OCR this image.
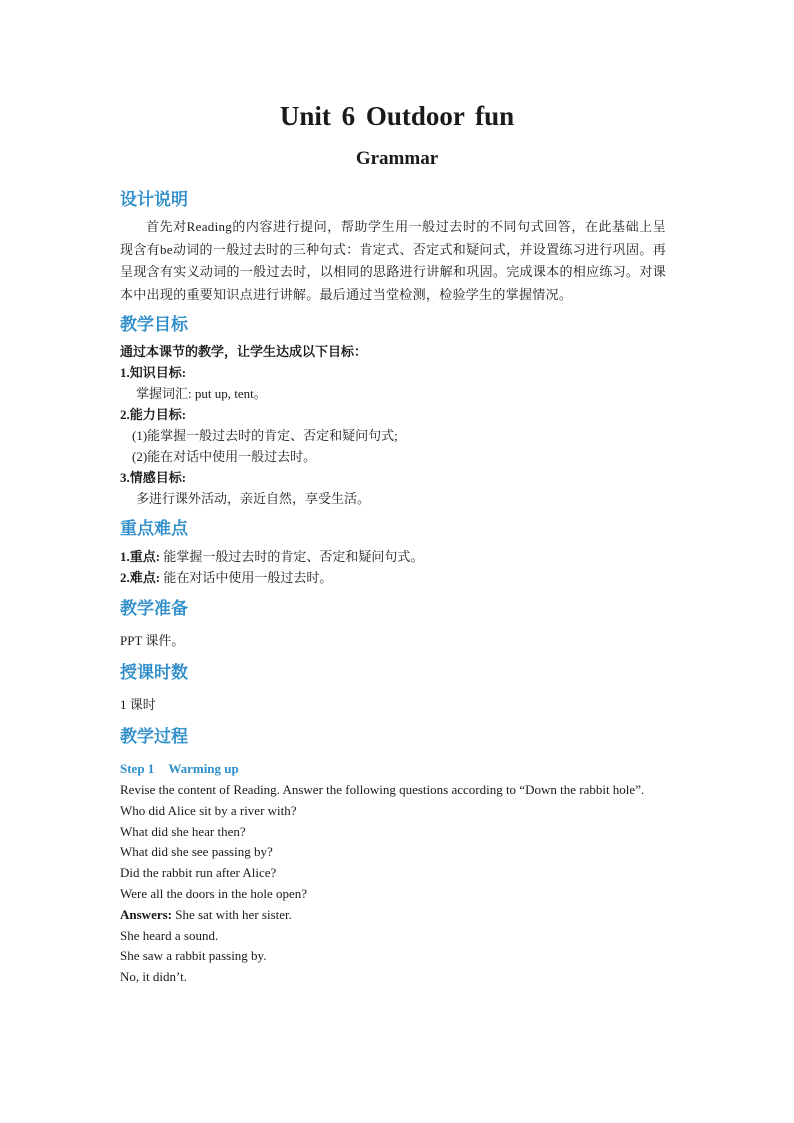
Unit 6 Outdoor fun
Grammar
设计说明
首先对Reading的内容进行提问，帮助学生用一般过去时的不同句式回答，在此基础上呈现含有be动词的一般过去时的三种句式：肯定式、否定式和疑问式，并设置练习进行巩固。再呈现含有实义动词的一般过去时，以相同的思路进行讲解和巩固。完成课本的相应练习。对课本中出现的重要知识点进行讲解。最后通过当堂检测，检验学生的掌握情况。
教学目标
通过本课节的教学，让学生达成以下目标：
1.知识目标:
掌握词汇: put up, tent。
2.能力目标:
(1)能掌握一般过去时的肯定、否定和疑问句式;
(2)能在对话中使用一般过去时。
3.情感目标:
多进行课外活动，亲近自然，享受生活。
重点难点
1.重点: 能掌握一般过去时的肯定、否定和疑问句式。
2.难点: 能在对话中使用一般过去时。
教学准备
PPT 课件。
授课时数
1 课时
教学过程
Step 1 Warming up
Revise the content of Reading. Answer the following questions according to “Down the rabbit hole”.
Who did Alice sit by a river with?
What did she hear then?
What did she see passing by?
Did the rabbit run after Alice?
Were all the doors in the hole open?
Answers: She sat with her sister.
She heard a sound.
She saw a rabbit passing by.
No, it didn’t.
